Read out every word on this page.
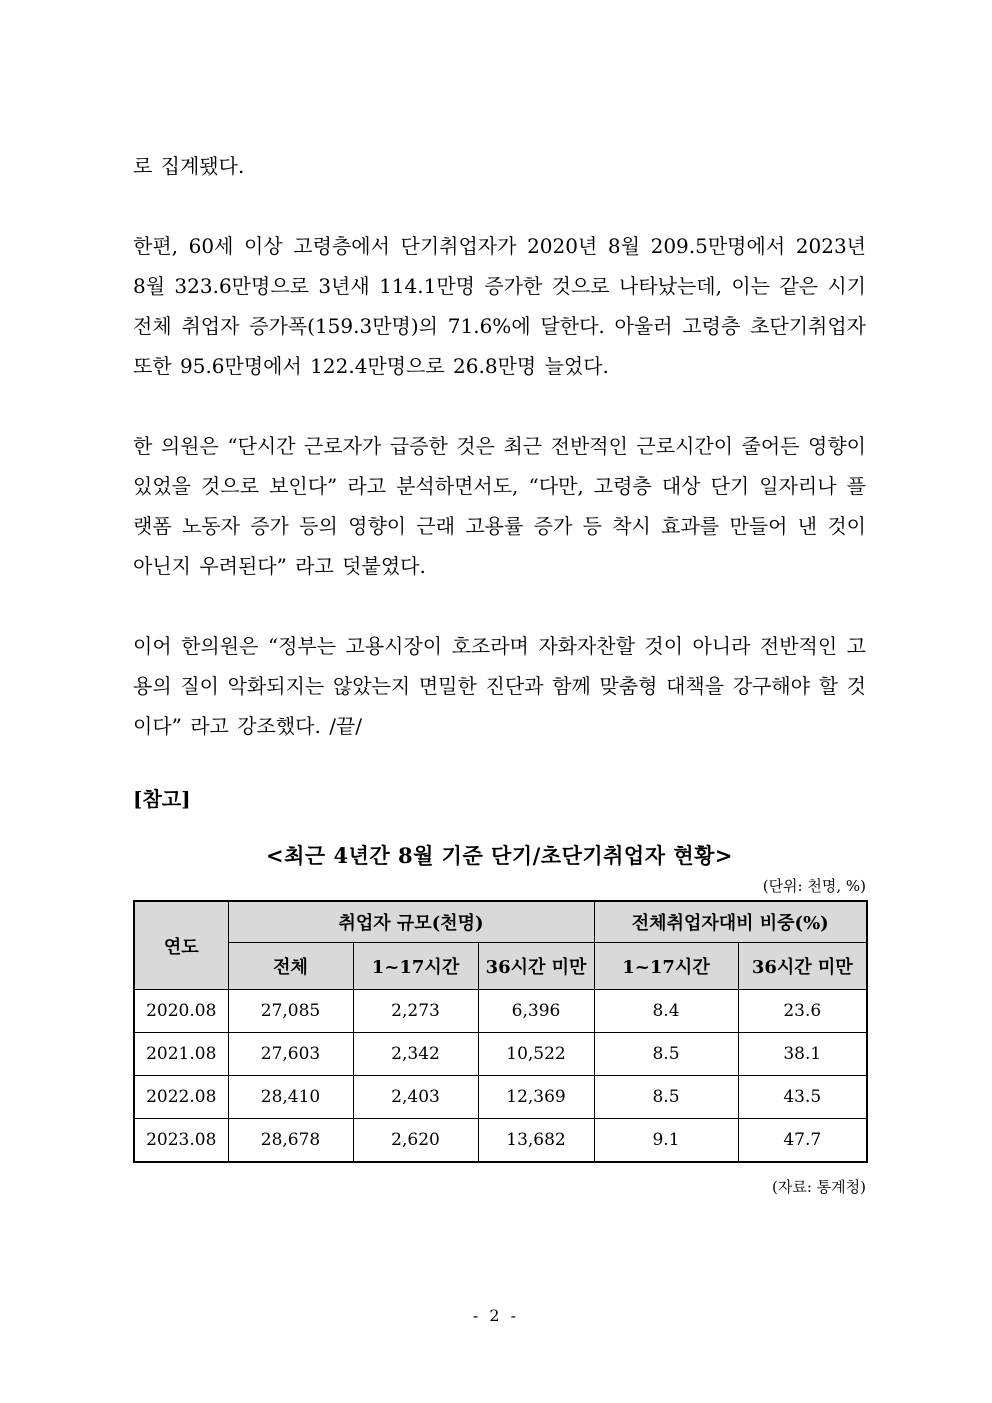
로 집계됐다.

한편, 60세 이상 고령층에서 단기취업자가 2020년 8월 209.5만명에서 2023년 8월 323.6만명으로 3년새 114.1만명 증가한 것으로 나타났는데, 이는 같은 시기 전체 취업자 증가폭(159.3만명)의 71.6%에 달한다. 아울러 고령층 초단기취업자 또한 95.6만명에서 122.4만명으로 26.8만명 늘었다.

한 의원은 “단시간 근로자가 급증한 것은 최근 전반적인 근로시간이 줄어든 영향이 있었을 것으로 보인다” 라고 분석하면서도, “다만, 고령층 대상 단기 일자리나 플랫폼 노동자 증가 등의 영향이 근래 고용률 증가 등 착시 효과를 만들어 낸 것이 아닌지 우려된다” 라고 덧붙였다.

이어 한의원은 “정부는 고용시장이 호조라며 자화자찬할 것이 아니라 전반적인 고용의 질이 악화되지는 않았는지 면밀한 진단과 함께 맞춤형 대책을 강구해야 할 것이다” 라고 강조했다. /끝/

[참고]
<최근 4년간 8월 기준 단기/초단기취업자 현황>
(단위: 천명, %)
연도	취업자 규모(천명)			전체취업자대비 비중(%)	
	전체	1~17시간	36시간 미만	1~17시간	36시간 미만
2020.08	27,085	2,273	6,396	8.4	23.6
2021.08	27,603	2,342	10,522	8.5	38.1
2022.08	28,410	2,403	12,369	8.5	43.5
2023.08	28,678	2,620	13,682	9.1	47.7
(자료: 통계청)
- 2 -
